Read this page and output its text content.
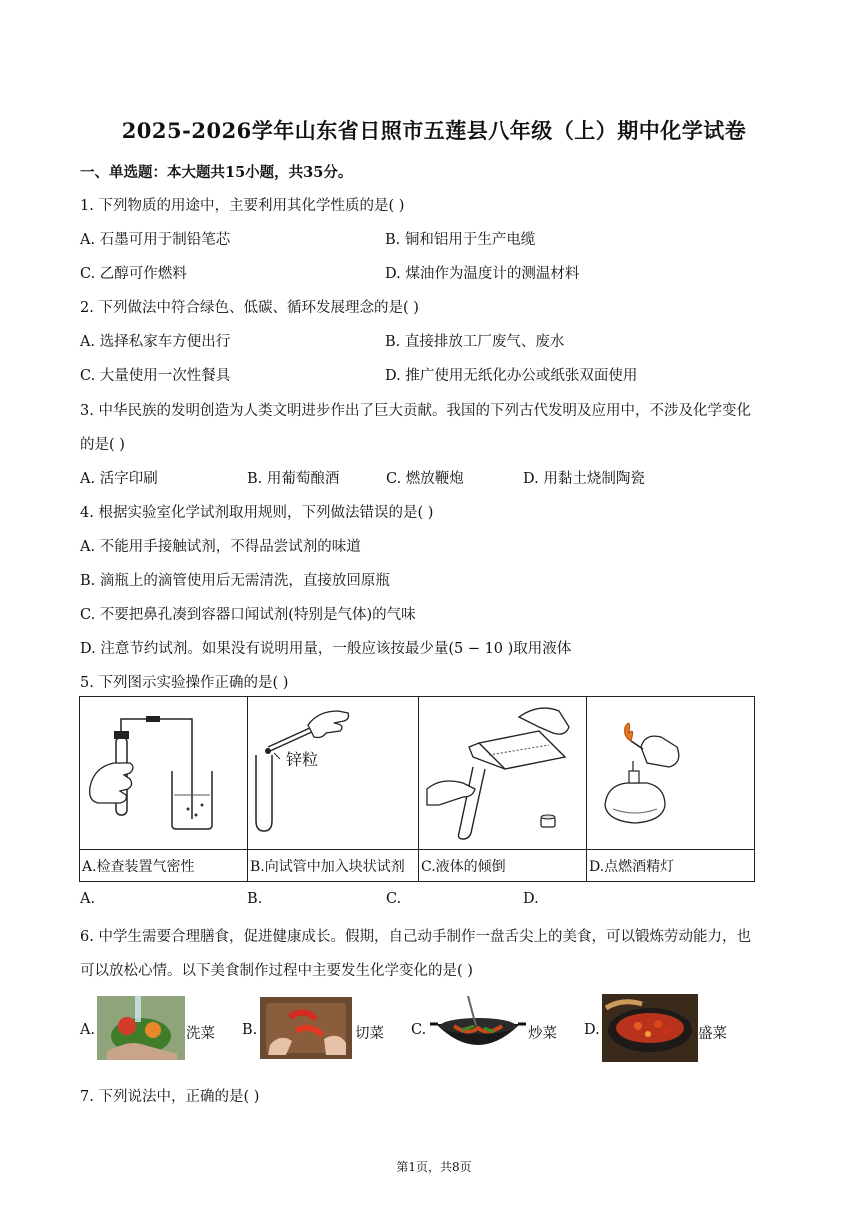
2025-2026学年山东省日照市五莲县八年级（上）期中化学试卷
一、单选题：本大题共15小题，共35分。
1. 下列物质的用途中，主要利用其化学性质的是( )
A. 石墨可用于制铅笔芯	B. 铜和铝用于生产电缆
C. 乙醇可作燃料	D. 煤油作为温度计的测温材料
2. 下列做法中符合绿色、低碳、循环发展理念的是( )
A. 选择私家车方便出行	B. 直接排放工厂废气、废水
C. 大量使用一次性餐具	D. 推广使用无纸化办公或纸张双面使用
3. 中华民族的发明创造为人类文明进步作出了巨大贡献。我国的下列古代发明及应用中，不涉及化学变化
的是( )
A. 活字印刷	B. 用葡萄酿酒	C. 燃放鞭炮	D. 用黏土烧制陶瓷
4. 根据实验室化学试剂取用规则，下列做法错误的是( )
A. 不能用手接触试剂，不得品尝试剂的味道
B. 滴瓶上的滴管使用后无需清洗，直接放回原瓶
C. 不要把鼻孔凑到容器口闻试剂(特别是气体)的气味
D. 注意节约试剂。如果没有说明用量，一般应该按最少量(5 − 10 )取用液体
5. 下列图示实验操作正确的是( )

锌粒

A.检查装置气密性	B.向试管中加入块状试剂	C.液体的倾倒	D.点燃酒精灯
A.	B.	C.	D.
6. 中学生需要合理膳食，促进健康成长。假期，自己动手制作一盘舌尖上的美食，可以锻炼劳动能力，也
可以放松心情。以下美食制作过程中主要发生化学变化的是( )
A.	洗菜 B.	切菜 C.	炒菜 D.	盛菜
7. 下列说法中，正确的是( )
第1页，共8页
